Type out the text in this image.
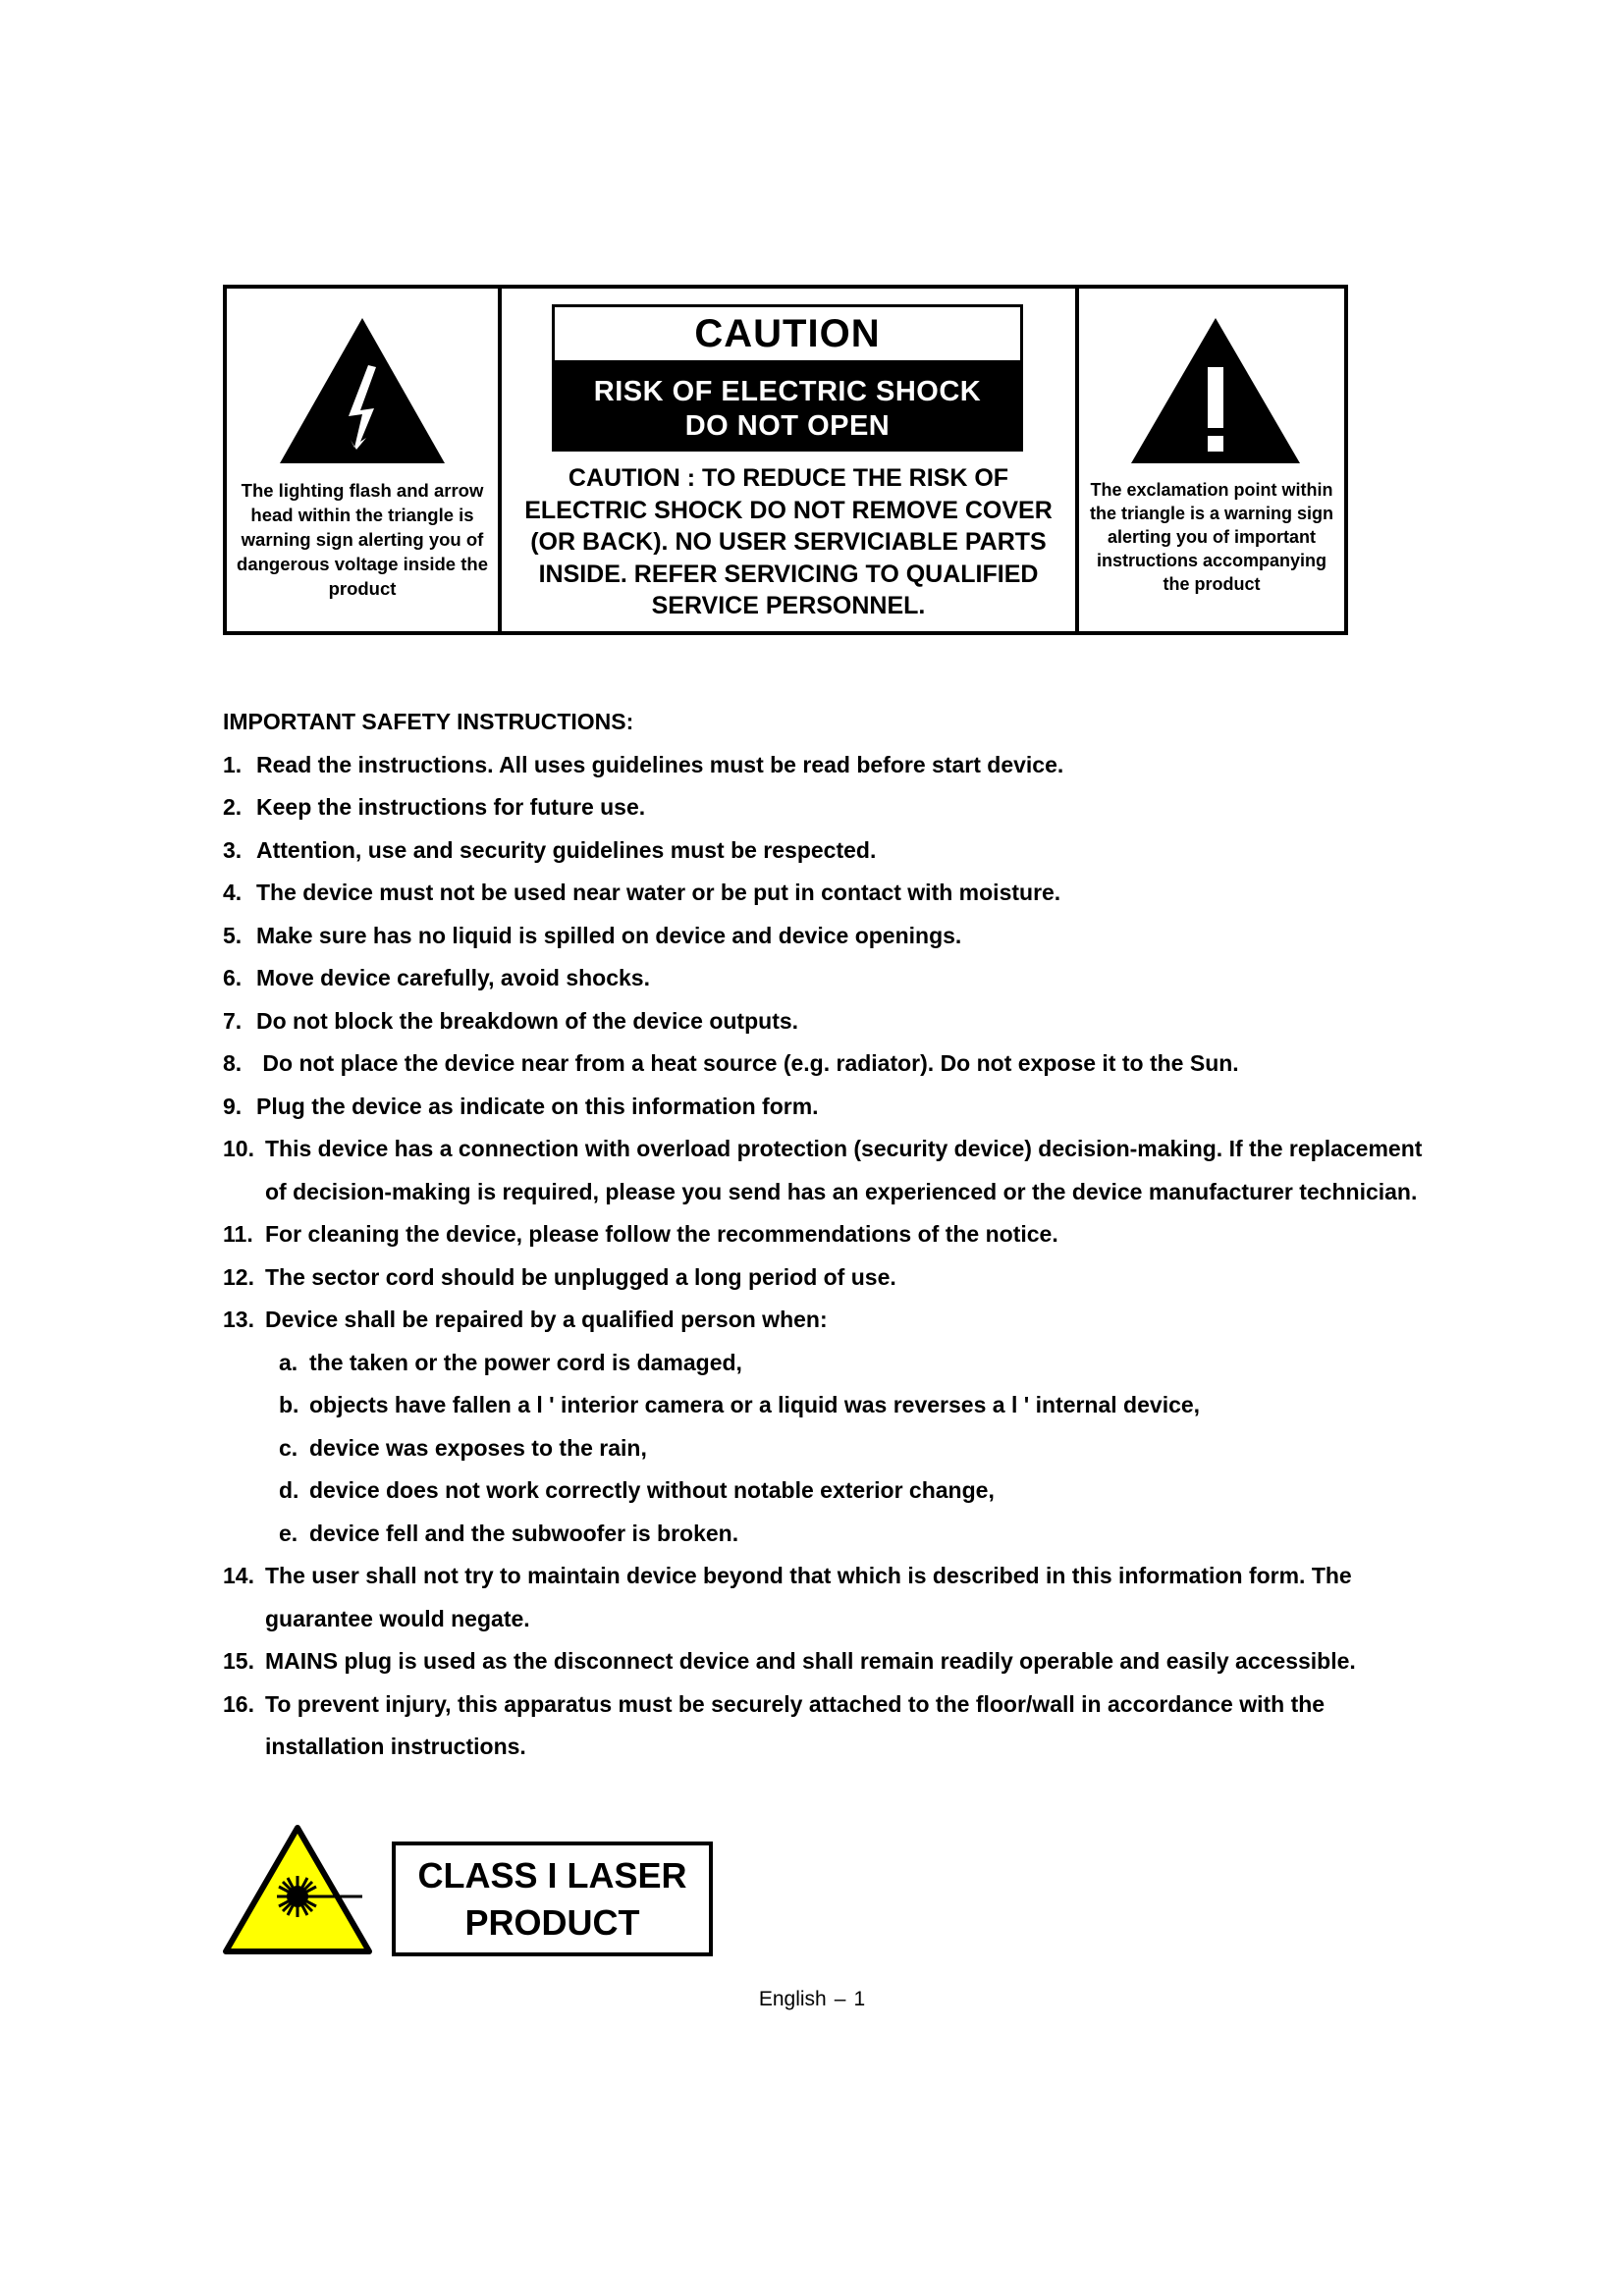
The lighting flash and arrow head within the triangle is warning sign alerting you of dangerous voltage inside the product
CAUTION
RISK OF ELECTRIC SHOCK
DO NOT OPEN
CAUTION : TO REDUCE THE RISK OF ELECTRIC SHOCK DO NOT REMOVE COVER (OR BACK). NO USER SERVICIABLE PARTS INSIDE. REFER SERVICING TO QUALIFIED SERVICE PERSONNEL.
The exclamation point within the triangle is a warning sign alerting you of important instructions accompanying the product
IMPORTANT SAFETY INSTRUCTIONS:
1. Read the instructions. All uses guidelines must be read before start device.
2. Keep the instructions for future use.
3. Attention, use and security guidelines must be respected.
4. The device must not be used near water or be put in contact with moisture.
5. Make sure has no liquid is spilled on device and device openings.
6. Move device carefully, avoid shocks.
7. Do not block the breakdown of the device outputs.
8. Do not place the device near from a heat source (e.g. radiator). Do not expose it to the Sun.
9. Plug the device as indicate on this information form.
10. This device has a connection with overload protection (security device) decision-making. If the replacement of decision-making is required, please you send has an experienced or the device manufacturer technician.
11. For cleaning the device, please follow the recommendations of the notice.
12. The sector cord should be unplugged a long period of use.
13. Device shall be repaired by a qualified person when:
a. the taken or the power cord is damaged,
b. objects have fallen a l ' interior camera or a liquid was reverses a l ' internal device,
c. device was exposes to the rain,
d. device does not work correctly without notable exterior change,
e. device fell and the subwoofer is broken.
14. The user shall not try to maintain device beyond that which is described in this information form. The guarantee would negate.
15. MAINS plug is used as the disconnect device and shall remain readily operable and easily accessible.
16. To prevent injury, this apparatus must be securely attached to the floor/wall in accordance with the installation instructions.
CLASS I LASER
PRODUCT
English – 1
